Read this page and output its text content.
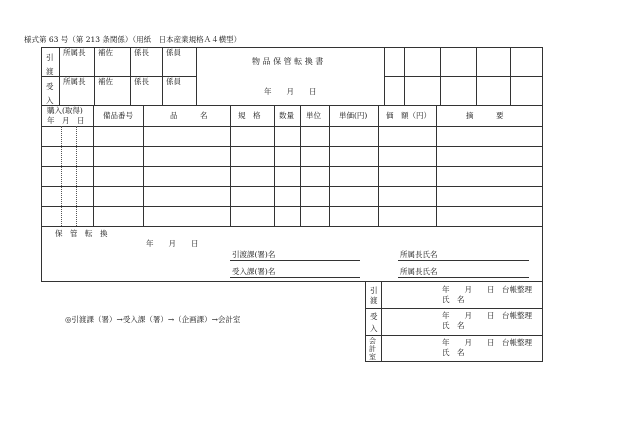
様式第 63 号（第 213 条関係）（用紙　日本産業規格Ａ４横型）
引渡
受入
所属長 補佐	係長 係員
所属長 補佐	係長 係員
物 品 保 管 転 換 書
年　　月　　日
購入(取得)
年　月　日
備品番号	品　　　名	規　格 数量 単位 単価(円) 価　額（円）	摘　　　要
保　管　転　換
年　　月　　日
引渡課(署)名	所属長氏名
受入課(署)名	所属長氏名
◎引渡課（署）→受入課（署）→（企画課）→会計室
引渡
年　　月　　日　台帳整理
氏　名
受入
年　　月　　日　台帳整理
氏　名
会計室
年　　月　　日　台帳整理
氏　名
